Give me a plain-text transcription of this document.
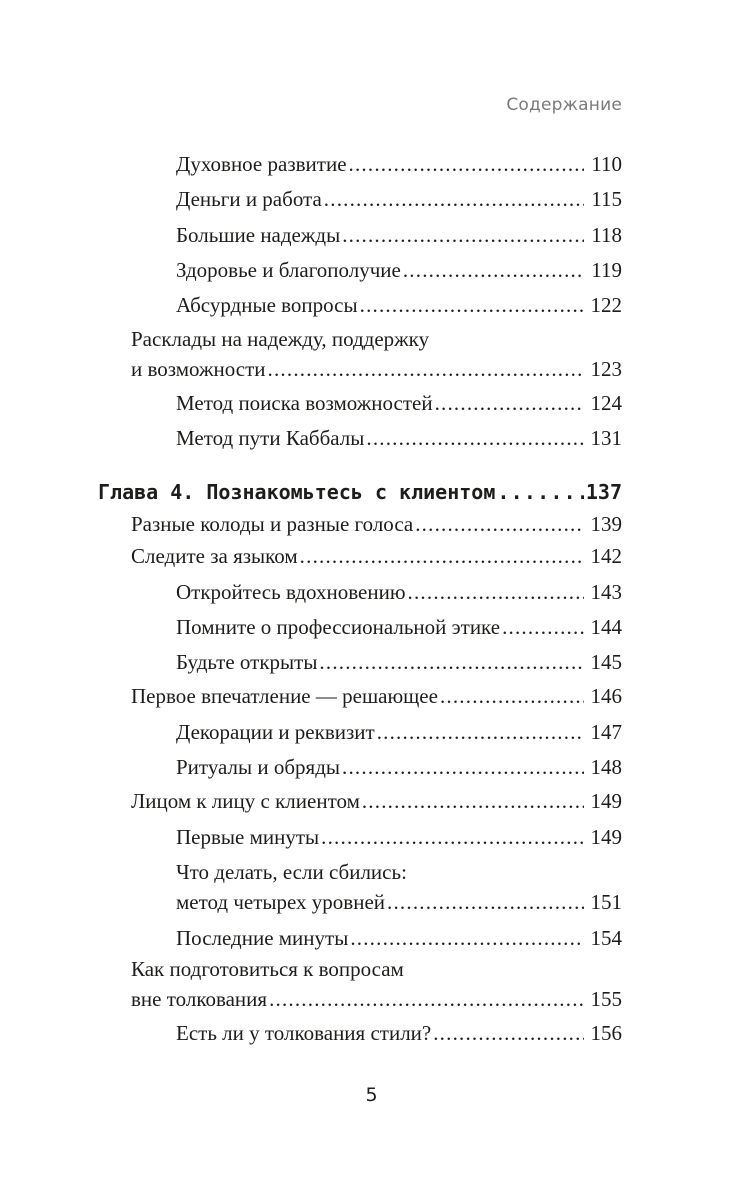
Содержание
Духовное развитие .....	110
Деньги и работа .....	115
Большие надежды .....	118
Здоровье и благополучие .....	119
Абсурдные вопросы .....	122
Расклады на надежду, поддержку
и возможности .....	123
Метод поиска возможностей .....	124
Метод пути Каббалы .....	131
Глава 4. Познакомьтесь с клиентом .....	137
Разные колоды и разные голоса .....	139
Следите за языком .....	142
Откройтесь вдохновению .....	143
Помните о профессиональной этике .....	144
Будьте открыты .....	145
Первое впечатление — решающее .....	146
Декорации и реквизит .....	147
Ритуалы и обряды .....	148
Лицом к лицу с клиентом .....	149
Первые минуты .....	149
Что делать, если сбились:
метод четырех уровней .....	151
Последние минуты .....	154
Как подготовиться к вопросам
вне толкования .....	155
Есть ли у толкования стили? .....	156
5
